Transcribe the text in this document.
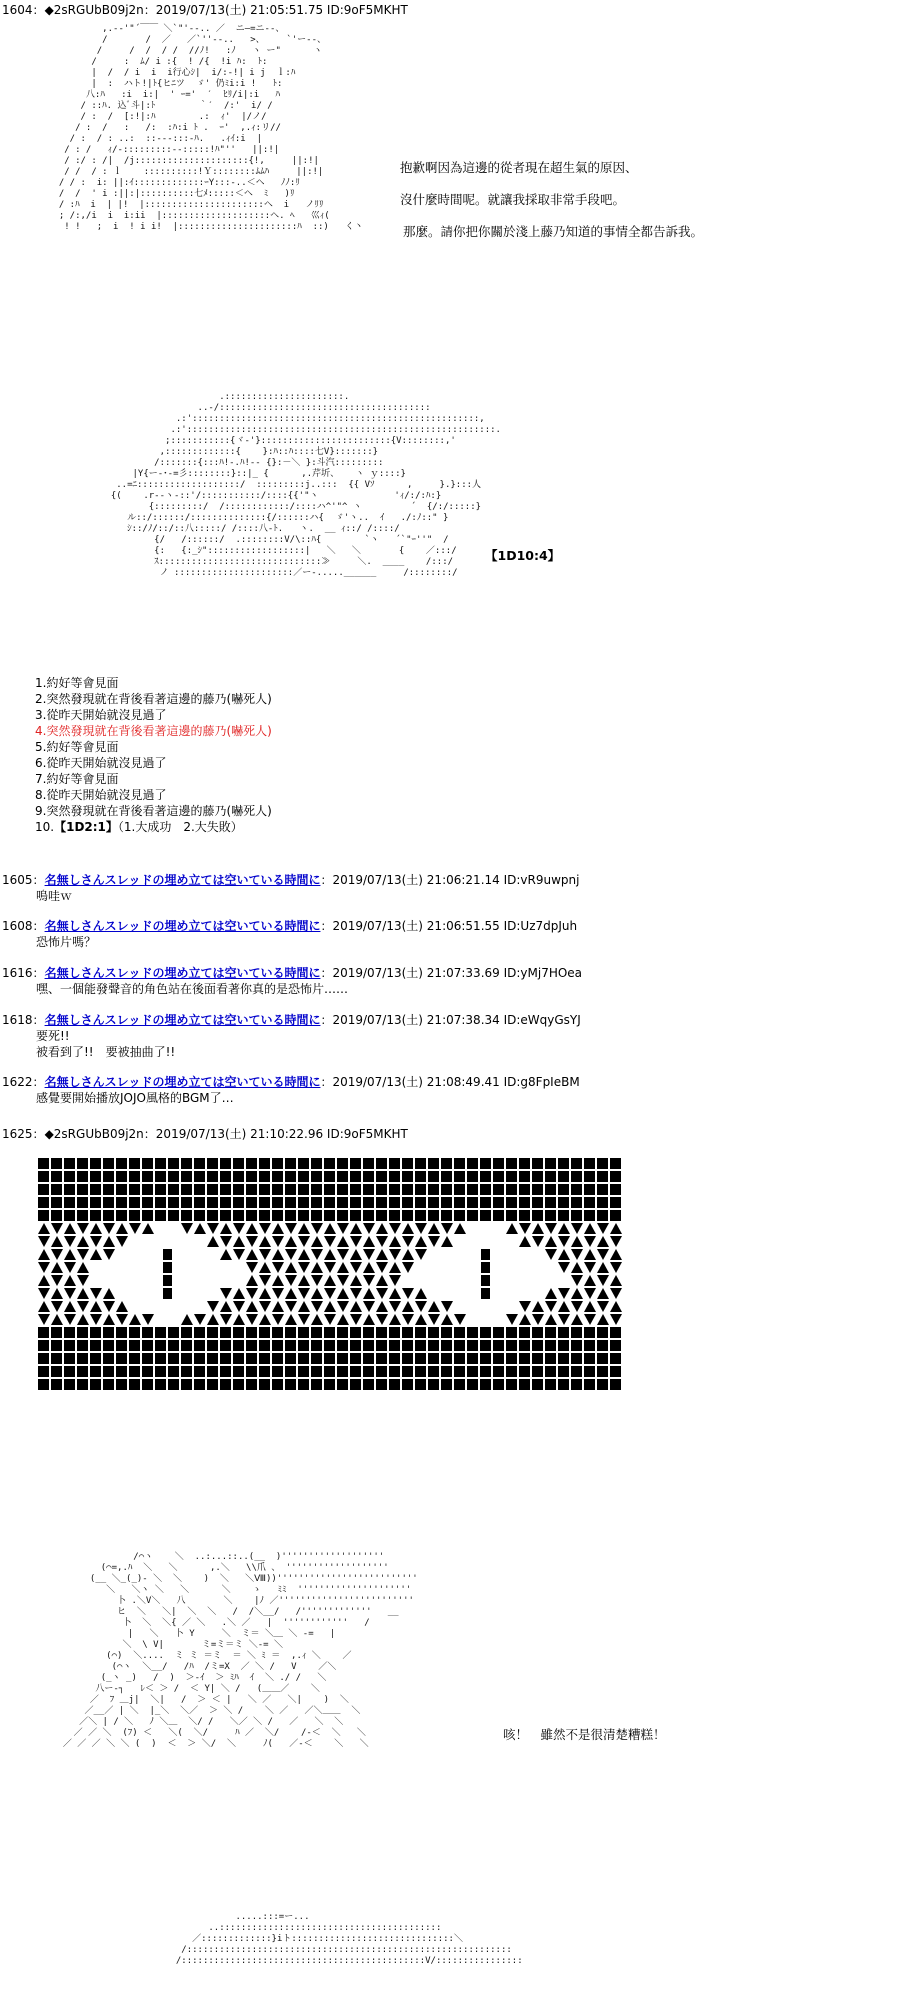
1604：◆2sRGUbB09j2n：2019/07/13(土) 21:05:51.75 ID:9oF5MKHT
,.-‐'"´￣￣ ＼`"'‐-.. ／  ニ—=ニ‐-、
/       /  ／   ／`''‐-..   >、    `'ー‐-、
/     /  /  / /  //ﾉ!   :ﾉ   ヽ ー"      ヽ
/     :  ﾑ/ i :{  ! /{  !i ﾊ:  ﾄ:
|  /  / i  i  i行心ｼ|  i/:-!| i j  ｌ:ﾊ
|  :  ハト!|ﾄ{ヒﾆツ  ゞ' 仍ﾐi:i !   ﾄ:
八:ﾊ   :i  i:|  ' ｰ='  ′  ﾋﾘ/i|:i   ﾊ
/ ::ﾊ. 込ﾞ斗|:ﾄ        ｀′  /:'  i/ /
/ :  /  [:!|:ﾊ        .:  ｨ'  |/ノ/
/ :  /   :   /:  :ﾊ:i ﾄ .  ｰ'  ,.ｨ:リ//
/ :  / : ..:  ::---:::-ﾊ.   .ｨｲ:i  |
/ : /   ｨ/-:::::::::--:::::!ﾊ"''   ||:!|
/ :/ : /|  /j:::::::::::::::::::::{!,     ||:!|
/ /  / : ｌ    ::::::::::!Ｙ::::::::ﾑﾑﾊ     ||:!|
/ / :  i: ||:ｲ:::::::::::::ｰY:::-..＜ヘ   ﾉﾉ:ﾘ
/  /  ' i :||:|::::::::::七ﾒ:::::＜ヘ  ﾐ   )ﾘ
/ :ﾊ  i  | |!  |::::::::::::::::::::::ヘ  i   ノﾘﾘ
; /:,/i  i  i:ii  |::::::::::::::::::::ヘ. ﾍ   巛ｨ(
! !   ;  i  ! i i!  |::::::::::::::::::::::ﾊ  ::)   く丶
抱歉啊因為這邊的從者現在超生氣的原因、
沒什麼時間呢。就讓我採取非常手段吧。
那麼。請你把你關於淺上藤乃知道的事情全都告訴我。
.::::::::::::::::::::::.
..-/:::::::::::::::::::::::::::::::::::::::
.:':::::::::::::::::::::::::::::::::::::::::::::::::::::,
.:':::::::::::::::::::::::::::::::::::::::::::::::::::::::::.
;:::::::::::{ヾ-'}::::::::::::::::::::::::{V::::::::,'
,:::::::::::::{    }:ﾊ::ﾊ::::七V}:::::::}
/:::::::{:::ﾊ!-.ﾊ!-- {}:－＼ }:斗汽:::::::::
|Y{ー‐･‐=彡::::::::}::|_ {      ,.芹圻、   ヽ ｙ::::}
..=ﾆ:::::::::::::::::::/  :::::::::j..:::  {{ Vｿ      ,     }.}:::人
{(    .r‐‐ヽ-::'/:::::::::::/::::{{'"ヽ              'ｨ/:/:ﾊ:}
{:::::::::/  /::::::::::::/::::ハ^'"^ ヽ         ´  {/:/:::::}
ル::/::::::/::::::::::::::{/::::::ハ{  ゞ'ヽ..  ｲ   ./:ﾉ::" }
ｼ::/ﾉ/::/::八:::::/ /::::八-ﾄ.   ヽ.  __ ｨ::/ /::::/
{/   /::::::/  .::::::::V/\::ﾊ{        `ヽ   ´`"ｰ''"  /
{:   {:_ｼ"::::::::::::::::::|   ＼   ＼       {    ／:::/
ｽ::::::::::::::::::::::::::::::≫     ＼.  ____    /:::/
ノ ::::::::::::::::::::::／ー-.....______     /::::::::/
【1D10:4】
1.約好等會見面
2.突然發現就在背後看著這邊的藤乃(嚇死人)
3.從昨天開始就沒見過了
4.突然發現就在背後看著這邊的藤乃(嚇死人)
5.約好等會見面
6.從昨天開始就沒見過了
7.約好等會見面
8.從昨天開始就沒見過了
9.突然發現就在背後看著這邊的藤乃(嚇死人)
10.【1D2:1】（1.大成功　2.大失敗）
1605：名無しさんスレッドの埋め立ては空いている時間に：2019/07/13(土) 21:06:21.14 ID:vR9uwpnj
嗚哇ｗ
1608：名無しさんスレッドの埋め立ては空いている時間に：2019/07/13(土) 21:06:51.55 ID:Uz7dpJuh
恐怖片嗎？
1616：名無しさんスレッドの埋め立ては空いている時間に：2019/07/13(土) 21:07:33.69 ID:yMj7HOea
嘿、一個能發聲音的角色站在後面看著你真的是恐怖片……
1618：名無しさんスレッドの埋め立ては空いている時間に：2019/07/13(土) 21:07:38.34 ID:eWqyGsYJ
要死!!
被看到了!!　要被抽曲了!!
1622：名無しさんスレッドの埋め立ては空いている時間に：2019/07/13(土) 21:08:49.41 ID:g8FpIeBM
感覺要開始播放JOJO風格的BGM了…
1625：◆2sRGUbB09j2n：2019/07/13(土) 21:10:22.96 ID:9oF5MKHT
/⌒ヽ    ＼  ..:...::..(__  )'''''''''''''''''''
(⌒=,.ﾊ  ＼   ＼      ,.＼   \\爪 、 '''''''''''''''''''
(__ ＼_(_)- ＼  ＼    )  ＼   ＼Ⅷ))''''''''''''''''''''''''''
＼   ＼ヽ ＼   ＼      ＼    ゝ   ﾐﾐ  '''''''''''''''''''''
卜 .＼V＼   八       ＼    |ﾉ ／'''''''''''''''''''''''''
ヒ  ＼   ＼|  ＼  ＼   /  /＼__/   /'''''''''''''   __
卜  ＼  ＼{ ／ ＼   .＼ ／   |  ''''''''''''   /
|   ＼   卜 Y     ＼  ミ＝ ＼＿ ＼ -=   |
＼  \ V|       ミ=ミ＝ミ ＼-= ＼
(⌒)  ＼....  ミ ミ ＝ミ  ＝ ＼ ﾐ ＝  ,.ｨ ＼    ／
(⌒ヽ  ＼__/   /ﾊ  /ミ=X  ／ ＼ /   V    ／＼
(_ヽ _)   /  )  ＞-ｲ  ＞ ﾐﾊ  ｲ  ＼ ./ /   ＼
八ー‐┐   ﾚ＜ ＞ /  ＜ Y| ＼ /   (＿＿／    ＼
／  ﾌ ＿j|  ＼|   /  ＞ ＜ |   ＼ ／   ＼|    )  ＼
／__／ | ＼  |_＼  ＼／  ＞ ＼ /    ＼ ／   ／＼＿＿  ＼
／＼ | / ＼   ﾉ ＼＿  ＼/ /   ＼／ ＼ /   ／   ＼  ＼
／ ／ ＼  (ﾌ) ＜   ＼(  ＼/     ﾊ ／  ＼/    /-＜  ＼   ＼
／ ／ ／ ＼ ＼ (  )  ＜  ＞ ＼/  ＼     ﾉ(   ／-＜    ＼   ＼
咳！　雖然不是很清楚糟糕！
.....:::=ー...
..:::::::::::::::::::::::::::::::::::::::::
／:::::::::::::}iト::::::::::::::::::::::::::::::＼
/::::::::::::::::::::::::::::::::::::::::::::::::::::::::::::
/:::::::::::::::::::::::::::::::::::::::::::::V/::::::::::::::::
